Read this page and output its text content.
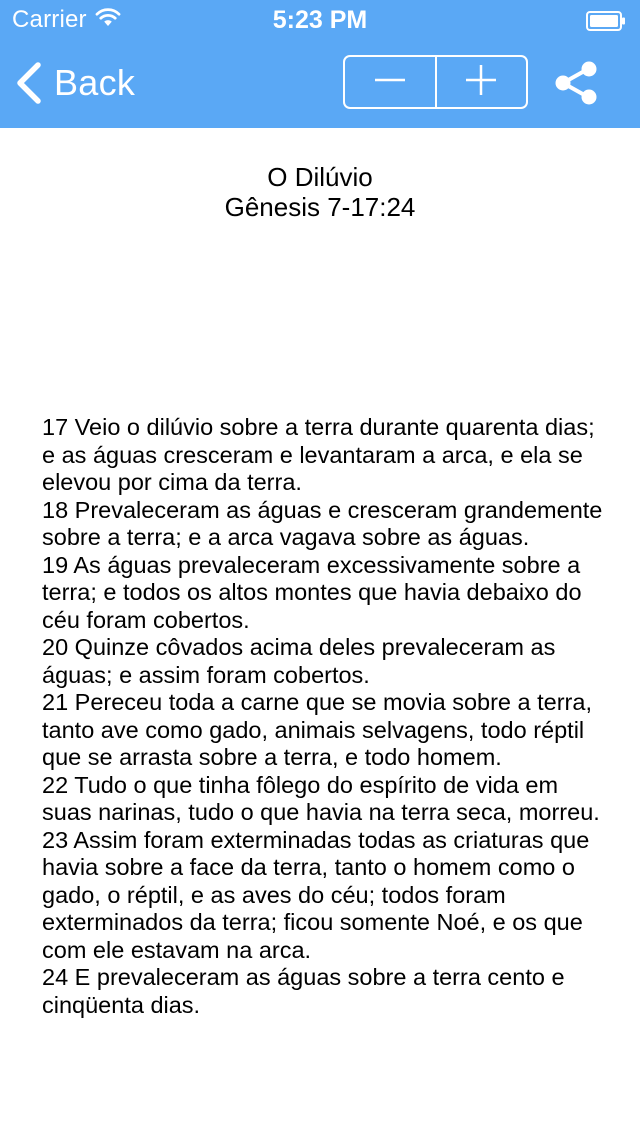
Carrier	5:23 PM
Back
O Dilúvio
Gênesis 7-17:24

17 Veio o dilúvio sobre a terra durante quarenta dias; e as águas cresceram e levantaram a arca, e ela se elevou por cima da terra.

18 Prevaleceram as águas e cresceram grandemente sobre a terra; e a arca vagava sobre as águas.

19 As águas prevaleceram excessivamente sobre a terra; e todos os altos montes que havia debaixo do céu foram cobertos.

20 Quinze côvados acima deles prevaleceram as águas; e assim foram cobertos.

21 Pereceu toda a carne que se movia sobre a terra, tanto ave como gado, animais selvagens, todo réptil que se arrasta sobre a terra, e todo homem.

22 Tudo o que tinha fôlego do espírito de vida em suas narinas, tudo o que havia na terra seca, morreu.

23 Assim foram exterminadas todas as criaturas que havia sobre a face da terra, tanto o homem como o gado, o réptil, e as aves do céu; todos foram exterminados da terra; ficou somente Noé, e os que com ele estavam na arca.

24 E prevaleceram as águas sobre a terra cento e cinqüenta dias.
